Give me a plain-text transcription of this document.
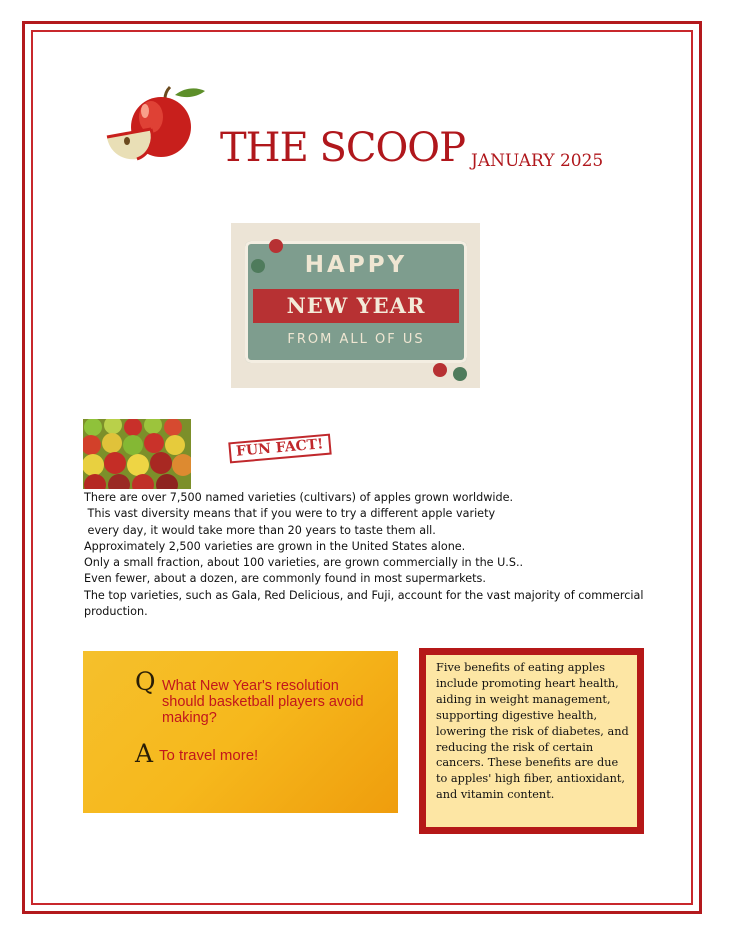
THE SCOOP JANUARY 2025
HAPPY
NEW YEAR
FROM ALL OF US
FUN FACT!
There are over 7,500 named varieties (cultivars) of apples grown worldwide.
This vast diversity means that if you were to try a different apple variety
every day, it would take more than 20 years to taste them all.
Approximately 2,500 varieties are grown in the United States alone.
Only a small fraction, about 100 varieties, are grown commercially in the U.S..
Even fewer, about a dozen, are commonly found in most supermarkets.
The top varieties, such as Gala, Red Delicious, and Fuji, account for the vast majority of commercial
production.
Q What New Year's resolution should basketball players avoid making?
A To travel more!
Five benefits of eating apples include promoting heart health, aiding in weight management, supporting digestive health, lowering the risk of diabetes, and reducing the risk of certain cancers. These benefits are due to apples' high fiber, antioxidant, and vitamin content.
